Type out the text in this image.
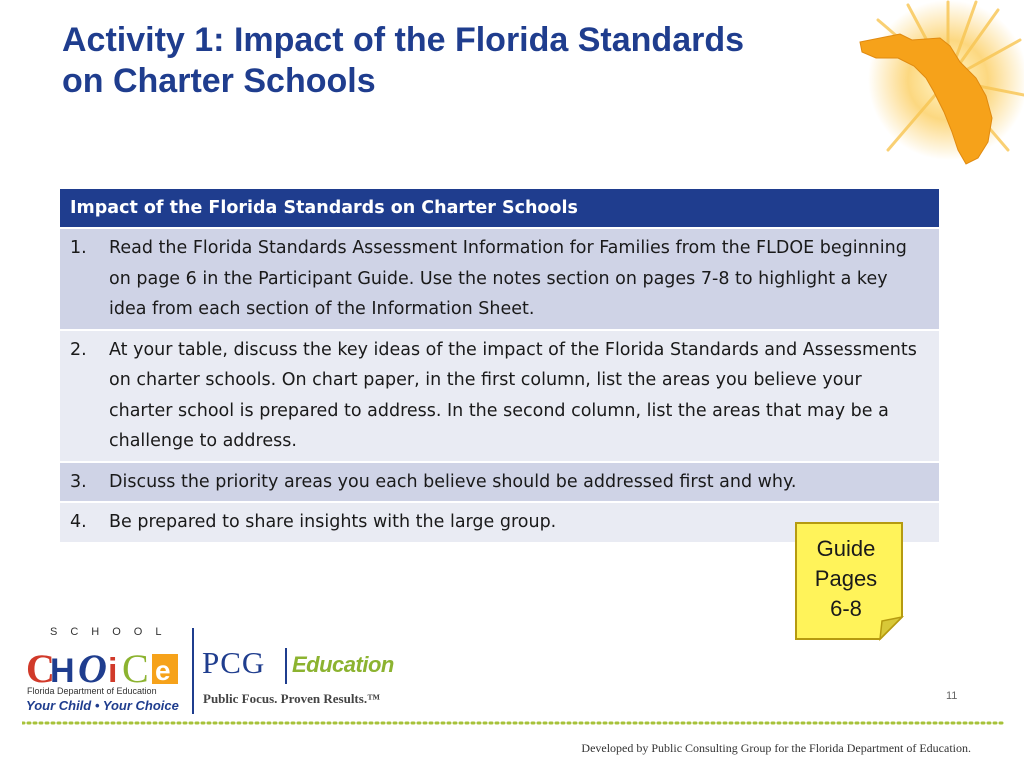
Activity 1: Impact of the Florida Standards
on Charter Schools
Impact of the Florida Standards on Charter Schools
1.	Read the Florida Standards Assessment Information for Families from the FLDOE beginning on page 6 in the Participant Guide. Use the notes section on pages 7-8 to highlight a key idea from each section of the Information Sheet.
2.	At your table, discuss the key ideas of the impact of the Florida Standards and Assessments on charter schools. On chart paper, in the first column, list the areas you believe your charter school is prepared to address. In the second column, list the areas that may be a challenge to address.
3.	Discuss the priority areas you each believe should be addressed first and why.
4.	Be prepared to share insights with the large group.
Guide
Pages
6-8
SCHOOL
C
H O i C e
Florida Department of Education
Your Child • Your Choice
PCG Education
Public Focus. Proven Results.™	11
Developed by Public Consulting Group for the Florida Department of Education.
